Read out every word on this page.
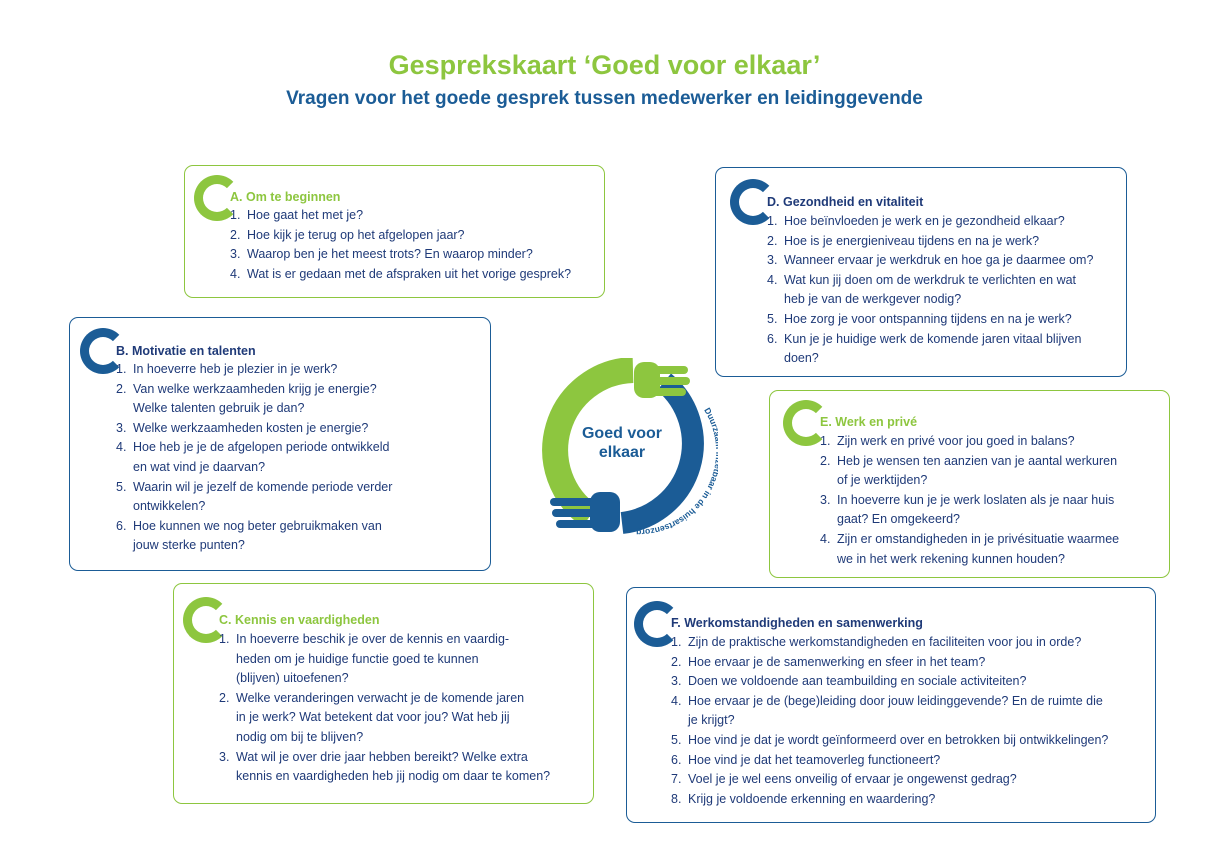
Gesprekskaart ‘Goed voor elkaar’
Vragen voor het goede gesprek tussen medewerker en leidinggevende
A. Om te beginnen
1. Hoe gaat het met je?
2. Hoe kijk je terug op het afgelopen jaar?
3. Waarop ben je het meest trots? En waarop minder?
4. Wat is er gedaan met de afspraken uit het vorige gesprek?
B. Motivatie en talenten
1. In hoeverre heb je plezier in je werk?
2. Van welke werkzaamheden krijg je energie?
Welke talenten gebruik je dan?
3. Welke werkzaamheden kosten je energie?
4. Hoe heb je je de afgelopen periode ontwikkeld
en wat vind je daarvan?
5. Waarin wil je jezelf de komende periode verder
ontwikkelen?
6. Hoe kunnen we nog beter gebruikmaken van
jouw sterke punten?
C. Kennis en vaardigheden
1. In hoeverre beschik je over de kennis en vaardig-
heden om je huidige functie goed te kunnen
(blijven) uitoefenen?
2. Welke veranderingen verwacht je de komende jaren
in je werk? Wat betekent dat voor jou? Wat heb jij
nodig om bij te blijven?
3. Wat wil je over drie jaar hebben bereikt? Welke extra
kennis en vaardigheden heb jij nodig om daar te komen?
D. Gezondheid en vitaliteit
1. Hoe beïnvloeden je werk en je gezondheid elkaar?
2. Hoe is je energieniveau tijdens en na je werk?
3. Wanneer ervaar je werkdruk en hoe ga je daarmee om?
4. Wat kun jij doen om de werkdruk te verlichten en wat
heb je van de werkgever nodig?
5. Hoe zorg je voor ontspanning tijdens en na je werk?
6. Kun je je huidige werk de komende jaren vitaal blijven
doen?
E. Werk en privé
1. Zijn werk en privé voor jou goed in balans?
2. Heb je wensen ten aanzien van je aantal werkuren
of je werktijden?
3. In hoeverre kun je je werk loslaten als je naar huis
gaat? En omgekeerd?
4. Zijn er omstandigheden in je privésituatie waarmee
we in het werk rekening kunnen houden?
F. Werkomstandigheden en samenwerking
1. Zijn de praktische werkomstandigheden en faciliteiten voor jou in orde?
2. Hoe ervaar je de samenwerking en sfeer in het team?
3. Doen we voldoende aan teambuilding en sociale activiteiten?
4. Hoe ervaar je de (bege)leiding door jouw leidinggevende? En de ruimte die
je krijgt?
5. Hoe vind je dat je wordt geïnformeerd over en betrokken bij ontwikkelingen?
6. Hoe vind je dat het teamoverleg functioneert?
7. Voel je je wel eens onveilig of ervaar je ongewenst gedrag?
8. Krijg je voldoende erkenning en waardering?
Goed voor
elkaar
Duu ar in de huisartsenzorg
